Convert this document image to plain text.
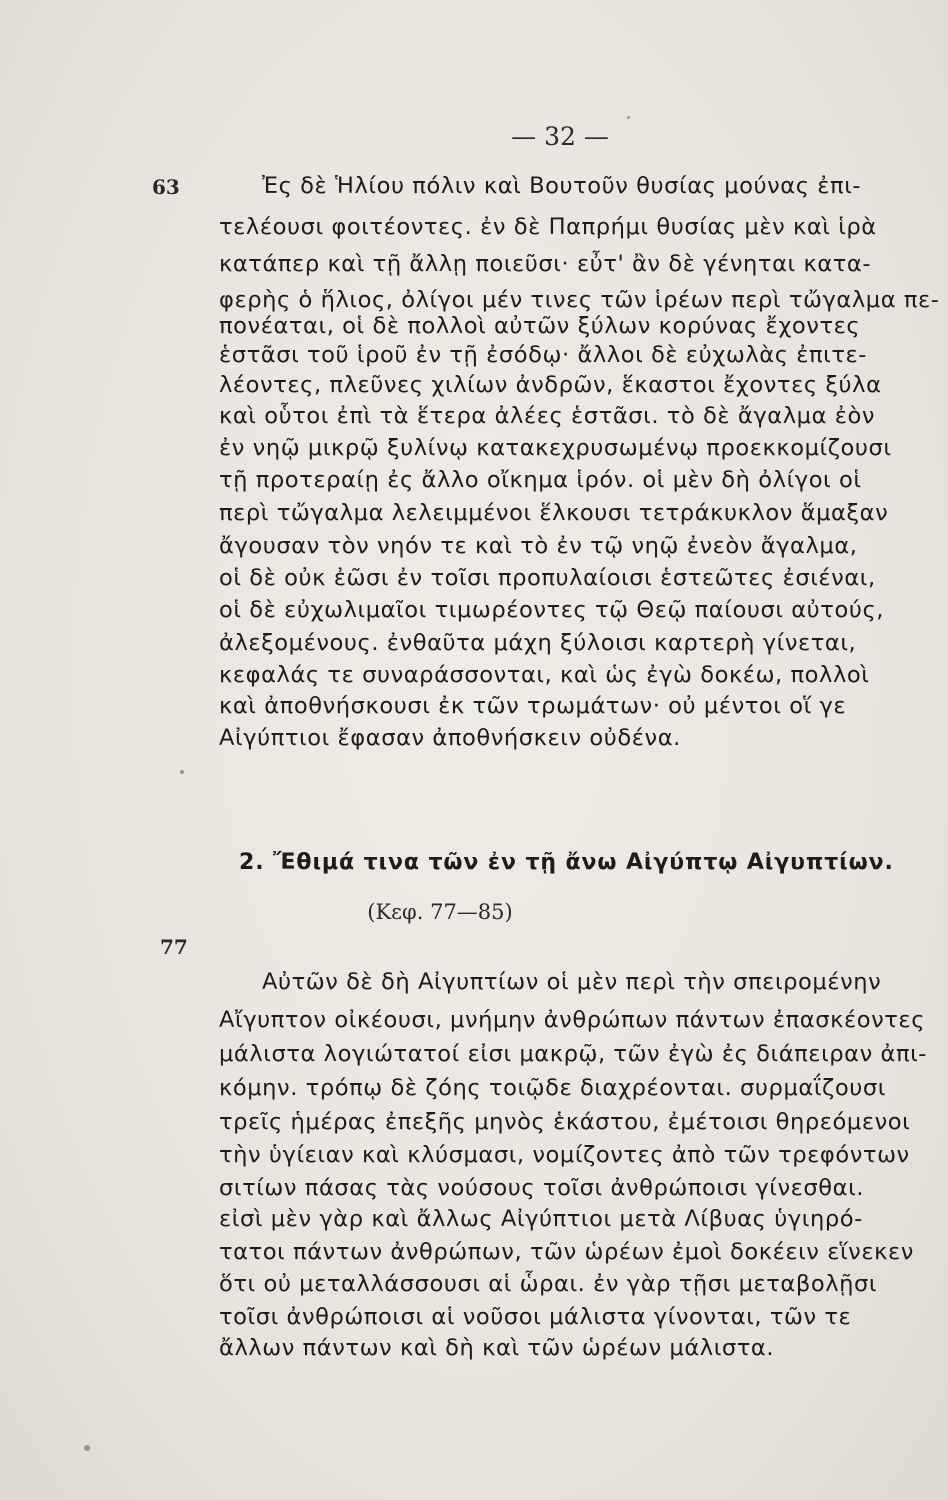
— 32 —
63	Ἐς δὲ Ἡλίου πόλιν καὶ Βουτοῦν θυσίας μούνας ἐπι-
τελέουσι φοιτέοντες. ἐν δὲ Παπρήμι θυσίας μὲν καὶ ἱρὰ
κατάπερ καὶ τῇ ἄλλῃ ποιεῦσι· εὖτ' ἂν δὲ γένηται κατα-
φερὴς ὁ ἥλιος, ὀλίγοι μέν τινες τῶν ἱρέων περὶ τὤγαλμα πε-
πονέαται, οἱ δὲ πολλοὶ αὐτῶν ξύλων κορύνας ἔχοντες
ἑστᾶσι τοῦ ἱροῦ ἐν τῇ ἐσόδῳ· ἄλλοι δὲ εὐχωλὰς ἐπιτε-
λέοντες, πλεῦνες χιλίων ἀνδρῶν, ἕκαστοι ἔχοντες ξύλα
καὶ οὗτοι ἐπὶ τὰ ἕτερα ἀλέες ἑστᾶσι. τὸ δὲ ἄγαλμα ἐὸν
ἐν νηῷ μικρῷ ξυλίνῳ κατακεχρυσωμένῳ προεκκομίζουσι
τῇ προτεραίῃ ἐς ἄλλο οἴκημα ἱρόν. οἱ μὲν δὴ ὀλίγοι οἱ
περὶ τὤγαλμα λελειμμένοι ἕλκουσι τετράκυκλον ἅμαξαν
ἄγουσαν τὸν νηόν τε καὶ τὸ ἐν τῷ νηῷ ἐνεὸν ἄγαλμα,
οἱ δὲ οὐκ ἐῶσι ἐν τοῖσι προπυλαίοισι ἑστεῶτες ἐσιέναι,
οἱ δὲ εὐχωλιμαῖοι τιμωρέοντες τῷ Θεῷ παίουσι αὐτούς,
ἀλεξομένους. ἐνθαῦτα μάχη ξύλοισι καρτερὴ γίνεται,
κεφαλάς τε συναράσσονται, καὶ ὡς ἐγὼ δοκέω, πολλοὶ
καὶ ἀποθνήσκουσι ἐκ τῶν τρωμάτων· οὐ μέντοι οἵ γε
Αἰγύπτιοι ἔφασαν ἀποθνήσκειν οὐδένα.
2. Ἔθιμά τινα τῶν ἐν τῇ ἄνω Αἰγύπτῳ Αἰγυπτίων.
(Κεφ. 77—85)
77
Αὐτῶν δὲ δὴ Αἰγυπτίων οἱ μὲν περὶ τὴν σπειρομένην
Αἴγυπτον οἰκέουσι, μνήμην ἀνθρώπων πάντων ἐπασκέοντες
μάλιστα λογιώτατοί εἰσι μακρῷ, τῶν ἐγὼ ἐς διάπειραν ἀπι-
κόμην. τρόπῳ δὲ ζόης τοιῷδε διαχρέονται. συρμαΐζουσι
τρεῖς ἡμέρας ἐπεξῆς μηνὸς ἑκάστου, ἐμέτοισι θηρεόμενοι
τὴν ὑγίειαν καὶ κλύσμασι, νομίζοντες ἀπὸ τῶν τρεφόντων
σιτίων πάσας τὰς νούσους τοῖσι ἀνθρώποισι γίνεσθαι.
εἰσὶ μὲν γὰρ καὶ ἄλλως Αἰγύπτιοι μετὰ Λίβυας ὑγιηρό-
τατοι πάντων ἀνθρώπων, τῶν ὡρέων ἐμοὶ δοκέειν εἵνεκεν
ὅτι οὐ μεταλλάσσουσι αἱ ὧραι. ἐν γὰρ τῇσι μεταβολῇσι
τοῖσι ἀνθρώποισι αἱ νοῦσοι μάλιστα γίνονται, τῶν τε
ἄλλων πάντων καὶ δὴ καὶ τῶν ὡρέων μάλιστα.
